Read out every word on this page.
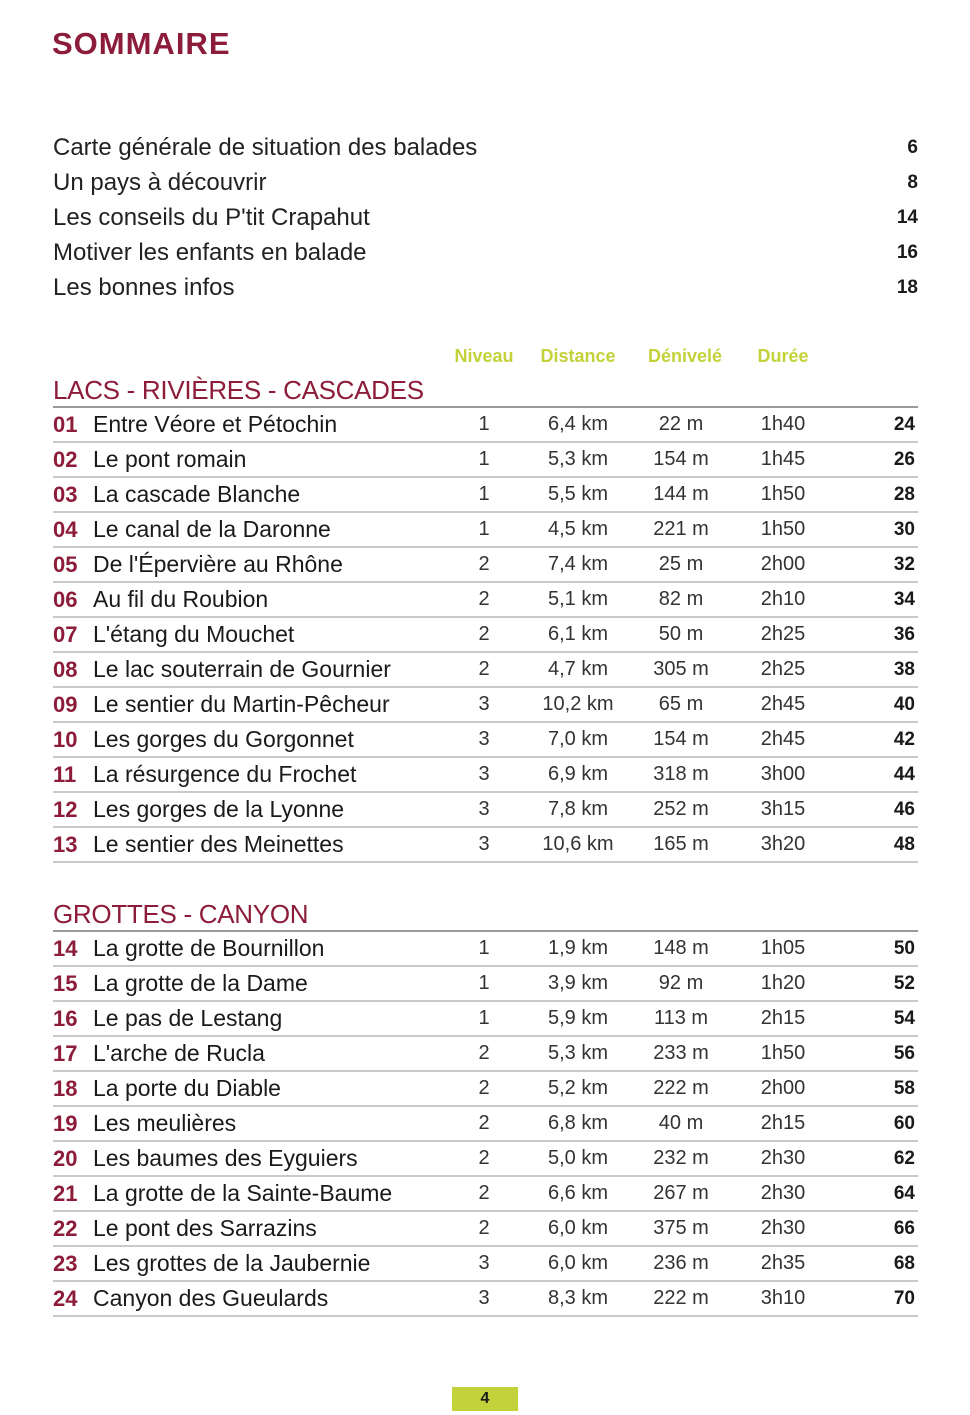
SOMMAIRE
Carte générale de situation des balades	6
Un pays à découvrir	8
Les conseils du P'tit Crapahut	14
Motiver les enfants en balade	16
Les bonnes infos	18
Niveau Distance Dénivelé Durée
LACS - RIVIÈRES - CASCADES
01 Entre Véore et Pétochin	1	6,4 km	22 m	1h40	24
02 Le pont romain	1	5,3 km 154 m	1h45	26
03 La cascade Blanche	1	5,5 km 144 m	1h50	28
04 Le canal de la Daronne	1	4,5 km 221 m	1h50	30
05 De l'Épervière au Rhône	2	7,4 km	25 m	2h00	32
06 Au fil du Roubion	2	5,1 km	82 m	2h10	34
07 L'étang du Mouchet	2	6,1 km	50 m	2h25	36
08 Le lac souterrain de Gournier	2	4,7 km 305 m	2h25	38
09 Le sentier du Martin-Pêcheur	3	10,2 km 65 m	2h45	40
10 Les gorges du Gorgonnet	3	7,0 km 154 m	2h45	42
11 La résurgence du Frochet	3	6,9 km 318 m	3h00	44
12 Les gorges de la Lyonne	3	7,8 km 252 m	3h15	46
13 Le sentier des Meinettes	3	10,6 km 165 m	3h20	48
GROTTES - CANYON
14 La grotte de Bournillon	1	1,9 km 148 m	1h05	50
15 La grotte de la Dame	1	3,9 km	92 m	1h20	52
16 Le pas de Lestang	1	5,9 km 113 m	2h15	54
17 L'arche de Rucla	2	5,3 km 233 m	1h50	56
18 La porte du Diable	2	5,2 km 222 m	2h00	58
19 Les meulières	2	6,8 km	40 m	2h15	60
20 Les baumes des Eyguiers	2	5,0 km 232 m	2h30	62
21 La grotte de la Sainte-Baume	2	6,6 km 267 m	2h30	64
22 Le pont des Sarrazins	2	6,0 km 375 m	2h30	66
23 Les grottes de la Jaubernie	3	6,0 km 236 m	2h35	68
24 Canyon des Gueulards	3	8,3 km 222 m	3h10	70
4
